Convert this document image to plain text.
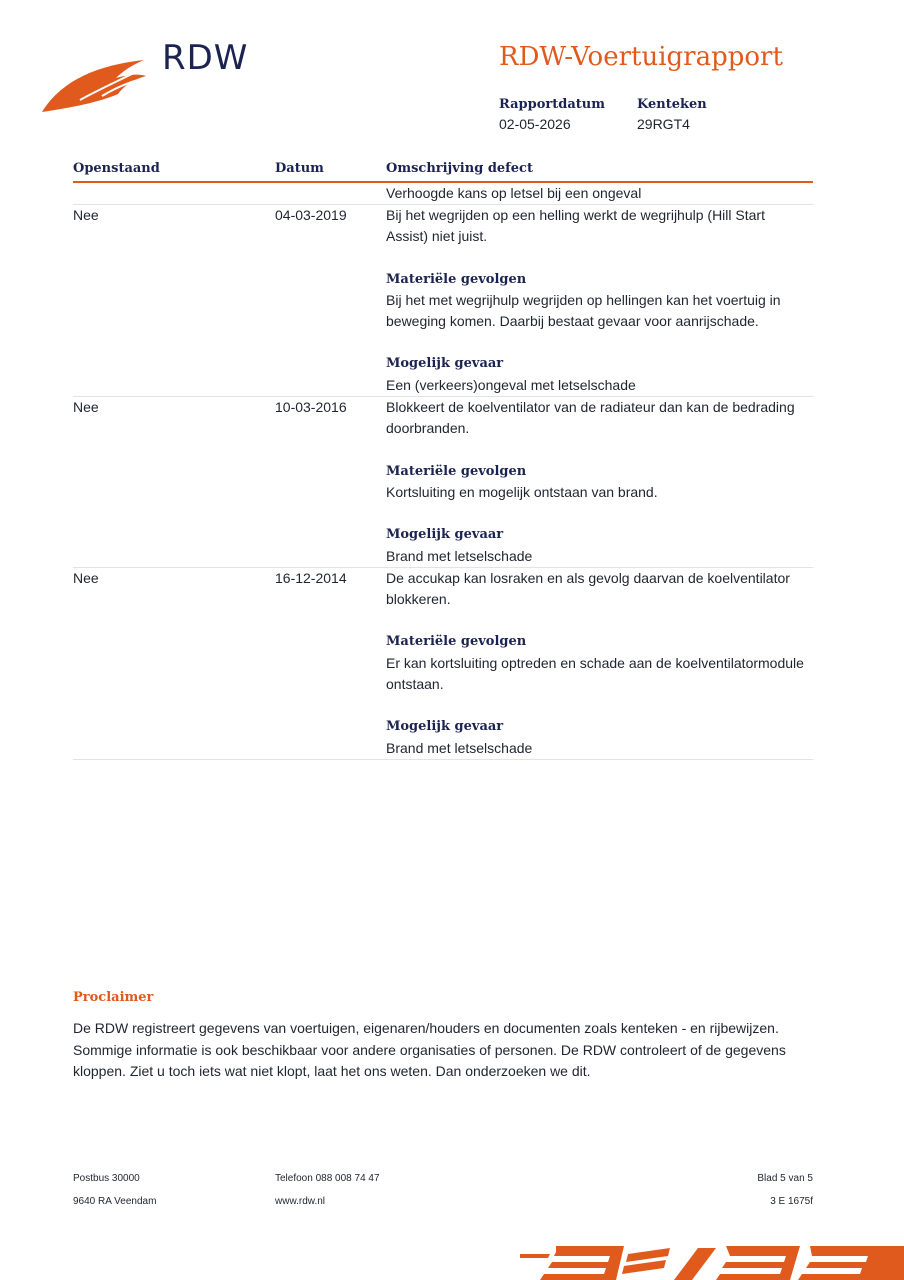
RDW	RDW-Voertuigrapport
Rapportdatum
02-05-2026
Kenteken
29RGT4
Openstaand	Datum	Omschrijving defect
Verhoogde kans op letsel bij een ongeval
Nee	04-03-2019	Bij het wegrijden op een helling werkt de wegrijhulp (Hill Start Assist) niet juist.

Materiële gevolgen

Bij het met wegrijhulp wegrijden op hellingen kan het voertuig in beweging komen. Daarbij bestaat gevaar voor aanrijschade.

Mogelijk gevaar

Een (verkeers)ongeval met letselschade

Nee	10-03-2016	Blokkeert de koelventilator van de radiateur dan kan de bedrading doorbranden.

Materiële gevolgen

Kortsluiting en mogelijk ontstaan van brand.

Mogelijk gevaar

Brand met letselschade

Nee	16-12-2014	De accukap kan losraken en als gevolg daarvan de koelventilator blokkeren.

Materiële gevolgen

Er kan kortsluiting optreden en schade aan de koelventilatormodule ontstaan.

Mogelijk gevaar

Brand met letselschade

Proclaimer
De RDW registreert gegevens van voertuigen, eigenaren/houders en documenten zoals kenteken - en rijbewijzen. Sommige informatie is ook beschikbaar voor andere organisaties of personen. De RDW controleert of de gegevens kloppen. Ziet u toch iets wat niet klopt, laat het ons weten. Dan onderzoeken we dit.
Postbus 30000
9640 RA Veendam
Telefoon 088 008 74 47
www.rdw.nl
Blad 5 van 5
3 E 1675f
